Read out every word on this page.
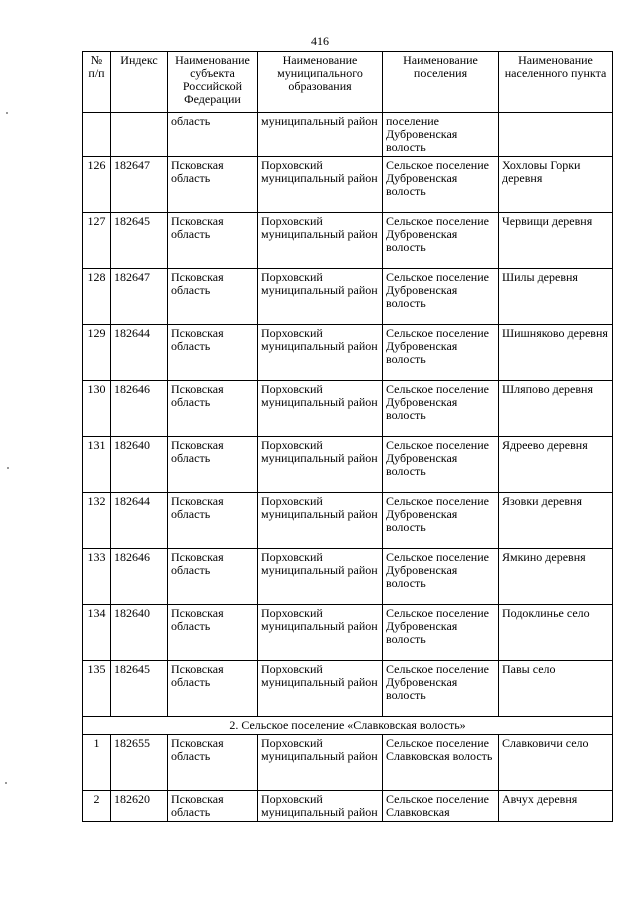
416
№ п/п	Индекс	Наименование субъекта Российской Федерации	Наименование муниципального образования	Наименование поселения	Наименование населенного пункта
		область	муниципальный район	поселение Дубровенская волость	
126	182647	Псковская область	Порховский муниципальный район	Сельское поселение Дубровенская волость	Хохловы Горки деревня
127	182645	Псковская область	Порховский муниципальный район	Сельское поселение Дубровенская волость	Червищи деревня
128	182647	Псковская область	Порховский муниципальный район	Сельское поселение Дубровенская волость	Шилы деревня
129	182644	Псковская область	Порховский муниципальный район	Сельское поселение Дубровенская волость	Шишняково деревня
130	182646	Псковская область	Порховский муниципальный район	Сельское поселение Дубровенская волость	Шляпово деревня
131	182640	Псковская область	Порховский муниципальный район	Сельское поселение Дубровенская волость	Ядреево деревня
132	182644	Псковская область	Порховский муниципальный район	Сельское поселение Дубровенская волость	Язовки деревня
133	182646	Псковская область	Порховский муниципальный район	Сельское поселение Дубровенская волость	Ямкино деревня
134	182640	Псковская область	Порховский муниципальный район	Сельское поселение Дубровенская волость	Подоклинье село
135	182645	Псковская область	Порховский муниципальный район	Сельское поселение Дубровенская волость	Павы село
2. Сельское поселение «Славковская волость»					
1	182655	Псковская область	Порховский муниципальный район	Сельское поселение Славковская волость	Славковичи село
2	182620	Псковская область	Порховский муниципальный район	Сельское поселение Славковская	Авчух деревня
